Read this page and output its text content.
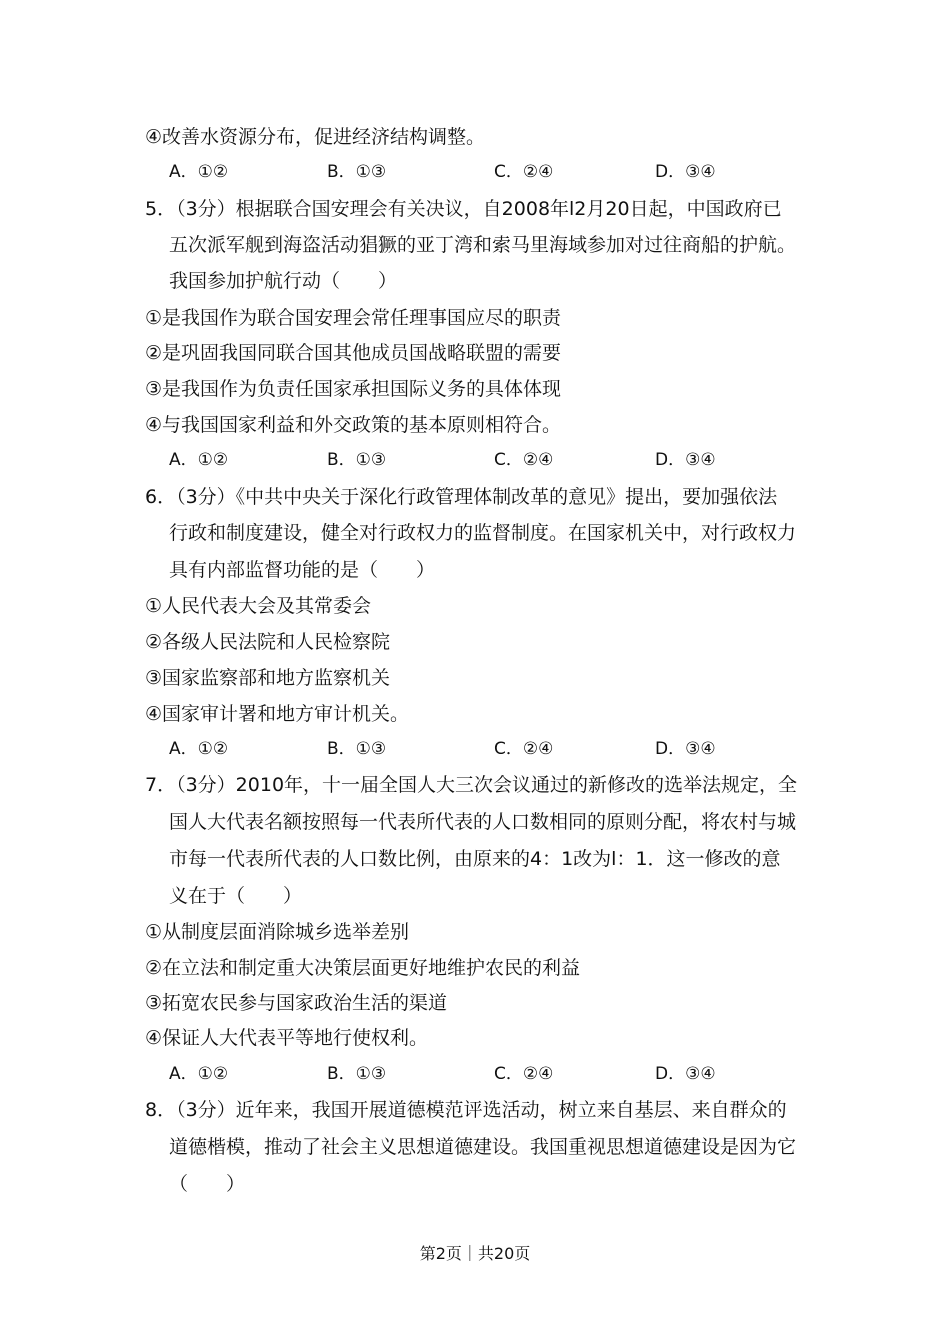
④改善水资源分布，促进经济结构调整。
A．①②	B．①③	C．②④	D．③④
5．（3分）根据联合国安理会有关决议，自2008年l2月20日起，中国政府已
五次派军舰到海盗活动猖獗的亚丁湾和索马里海域参加对过往商船的护航。
我国参加护航行动（　　）
①是我国作为联合国安理会常任理事国应尽的职责
②是巩固我国同联合国其他成员国战略联盟的需要
③是我国作为负责任国家承担国际义务的具体体现
④与我国国家利益和外交政策的基本原则相符合。
A．①②	B．①③	C．②④	D．③④
6．（3分）《中共中央关于深化行政管理体制改革的意见》提出，要加强依法
行政和制度建设，健全对行政权力的监督制度。在国家机关中，对行政权力
具有内部监督功能的是（　　）
①人民代表大会及其常委会
②各级人民法院和人民检察院
③国家监察部和地方监察机关
④国家审计署和地方审计机关。
A．①②	B．①③	C．②④	D．③④
7．（3分）2010年，十一届全国人大三次会议通过的新修改的选举法规定，全
国人大代表名额按照每一代表所代表的人口数相同的原则分配，将农村与城
市每一代表所代表的人口数比例，由原来的4：1改为l：1．这一修改的意
义在于（　　）
①从制度层面消除城乡选举差别
②在立法和制定重大决策层面更好地维护农民的利益
③拓宽农民参与国家政治生活的渠道
④保证人大代表平等地行使权利。
A．①②	B．①③	C．②④	D．③④
8．（3分）近年来，我国开展道德模范评选活动，树立来自基层、来自群众的
道德楷模，推动了社会主义思想道德建设。我国重视思想道德建设是因为它
（　　）
第2页｜共20页
